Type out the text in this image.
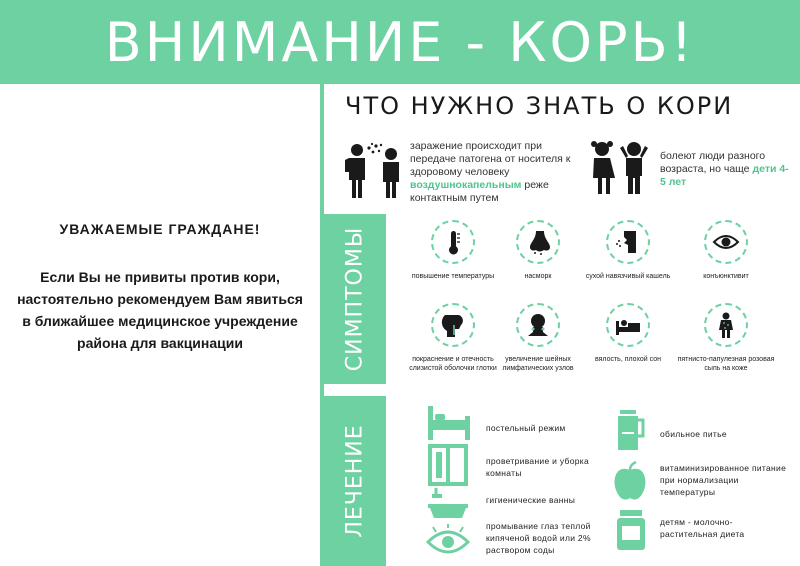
ВНИМАНИЕ - КОРЬ!
УВАЖАЕМЫЕ ГРАЖДАНЕ!
Если Вы не привиты против кори, настоятельно рекомендуем Вам явиться в ближайшее медицинское учреждение района для вакцинации
ЧТО НУЖНО ЗНАТЬ О КОРИ
заражение происходит при передаче патогена от носителя к здоровому человеку воздушнокапельным реже контактным путем
болеют люди разного возраста, но чаще дети 4-5 лет
СИМПТОМЫ	повышение температуры	насморк	сухой навязчивый кашель	конъюнктивит
покраснение и отечность слизистой оболочки глотки
увеличение шейных лимфатических узлов
вялость, плохой сон	пятнисто-папулезная розовая сыпь на коже
ЛЕЧЕНИЕ	постельный режим
проветривание и уборка комнаты
гигиенические ванны
промывание глаз теплой кипяченой водой или 2% раствором соды
обильное питье
витаминизированное питание при нормализации температуры
детям - молочно-растительная диета
